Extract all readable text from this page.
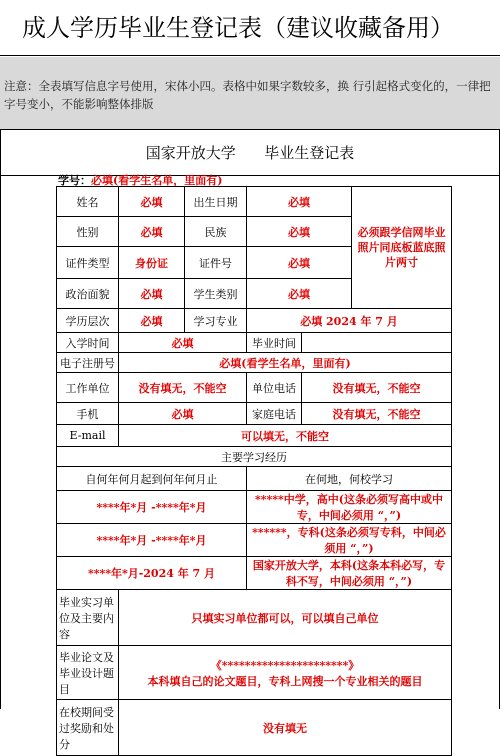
成人学历毕业生登记表（建议收藏备用）
注意：全表填写信息字号使用，宋体小四。表格中如果字数较多，换 行引起格式变化的，一律把字号变小，不能影响整体排版
国家开放大学      毕业生登记表
学号：必填(看学生名单，里面有)
姓名	必填	出生日期	必填		必须跟学信网毕业照片同底板蓝底照片两寸
性别	必填	民族	必填		
证件类型	身份证	证件号	必填		
政治面貌	必填	学生类别	必填		
学历层次	必填	学习专业	必填 2024 年 7 月		
入学时间	必填		毕业时间		
电子注册号	必填(看学生名单，里面有)				
工作单位	没有填无，不能空		单位电话	没有填无，不能空	
手机	必填		家庭电话	没有填无，不能空	
E-mail	可以填无，不能空				
主要学习经历					
自何年何月起到何年何月止			在何地，何校学习		
****年*月 -****年*月			*****中学，高中(这条必须写高中或中专，中间必须用 “，”)		
****年*月 -****年*月			******，专科(这条必须写专科，中间必须用 “，”)		
****年*月-2024 年 7 月			国家开放大学，本科(这条本科必写，专科不写，中间必须用 “，”)		
毕业实习单位及主要内容	只填实习单位都可以，可以填自己单位				
毕业论文及毕业设计题目	《**********************》
本科填自己的论文题目，专科上网搜一个专业相关的题目				

在校期间受过奖励和处分	没有填无				
